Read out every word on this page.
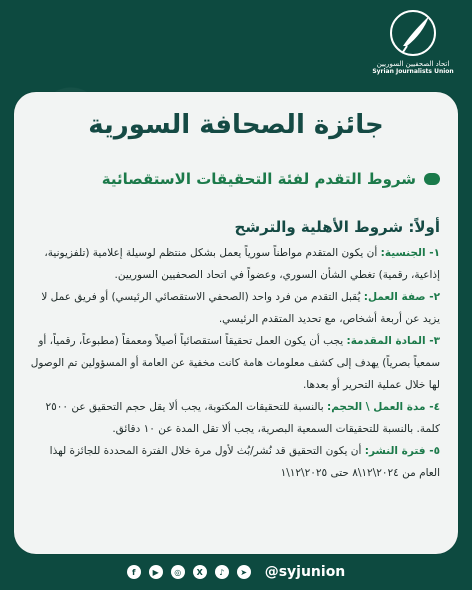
اتحاد الصحفيين السوريين
Syrian Journalists Union
جائزة الصحافة السورية
شروط التقدم لفئة التحقيقات الاستقصائية
أولاً: شروط الأهلية والترشح

١- الجنسية: أن يكون المتقدم مواطناً سورياً يعمل بشكل منتظم لوسيلة إعلامية (تلفزيونية، إذاعية، رقمية) تغطي الشأن السوري، وعضواً في اتحاد الصحفيين السوريين.

٢- صفة العمل: يُقبل التقدم من فرد واحد (الصحفي الاستقصائي الرئيسي) أو فريق عمل لا يزيد عن أربعة أشخاص، مع تحديد المتقدم الرئيسي.

٣- المادة المقدمة: يجب أن يكون العمل تحقيقاً استقصائياً أصيلاً ومعمقاً (مطبوعاً، رقمياً، أو سمعياً بصرياً) يهدف إلى كشف معلومات هامة كانت مخفية عن العامة أو المسؤولين تم الوصول لها خلال عملية التحرير أو بعدها.

٤- مدة العمل \ الحجم: بالنسبة للتحقيقات المكتوبة، يجب ألا يقل حجم التحقيق عن ٢٥٠٠ كلمة. بالنسبة للتحقيقات السمعية البصرية، يجب ألا تقل المدة عن ١٠ دقائق.

٥- فترة النشر: أن يكون التحقيق قد نُشر/بُث لأول مرة خلال الفترة المحددة للجائزة لهذا العام من ٢٠٢٤\١٢\٨ حتى ٢٠٢٥\١٢\١

f	▶	◎	X	♪	➤ @syjunion
